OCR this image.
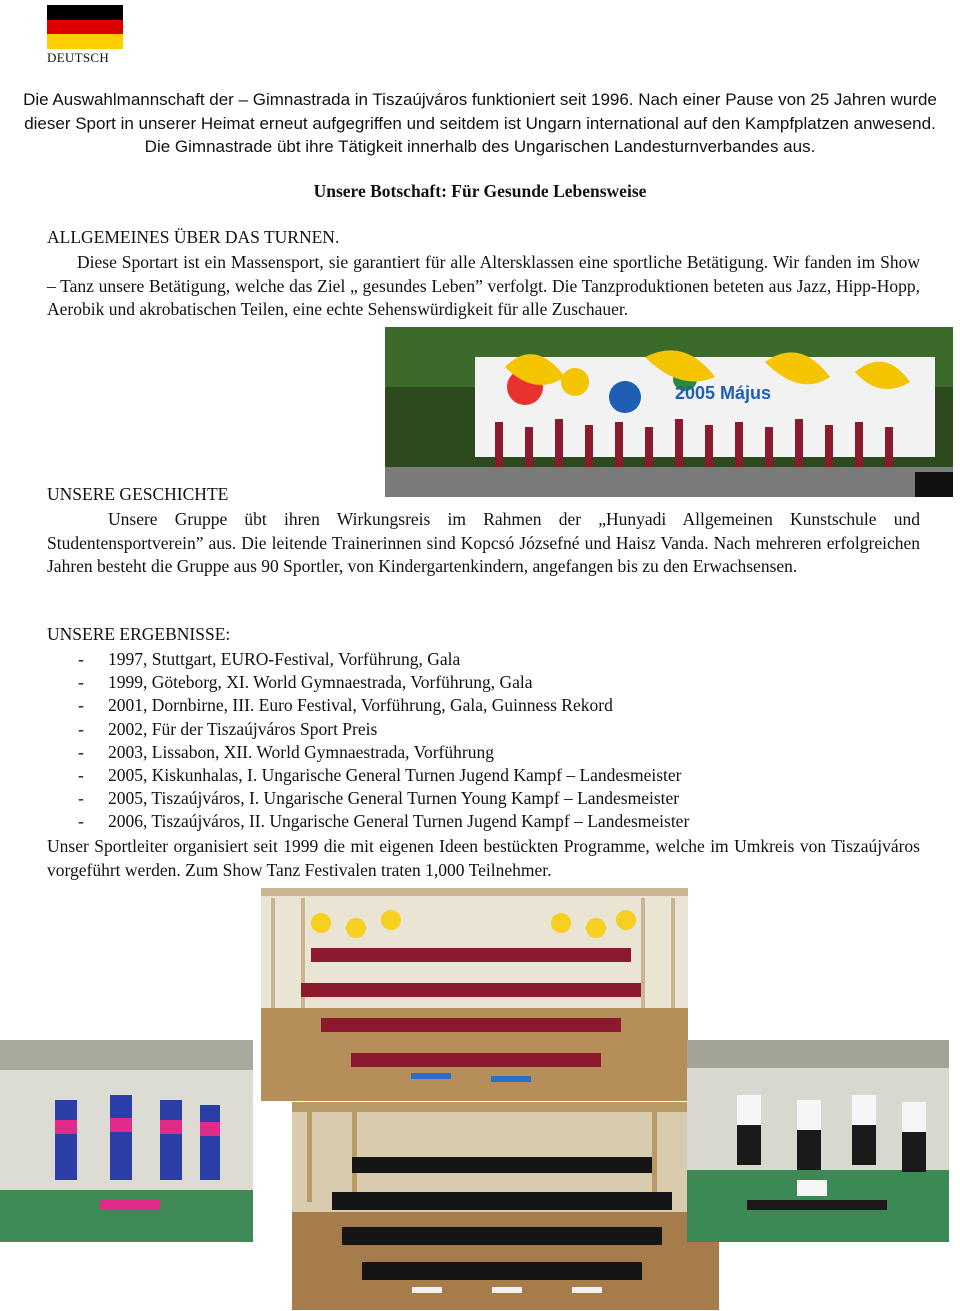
DEUTSCH
Die Auswahlmannschaft der – Gimnastrada in Tiszaújváros funktioniert seit 1996. Nach einer Pause von 25 Jahren wurde dieser Sport in unserer Heimat erneut aufgegriffen und seitdem ist Ungarn international auf den Kampfplatzen anwesend. Die Gimnastrade übt ihre Tätigkeit innerhalb des Ungarischen Landesturnverbandes aus.
Unsere Botschaft: Für Gesunde Lebensweise
ALLGEMEINES ÜBER DAS TURNEN.
Diese Sportart ist ein Massensport, sie garantiert für alle Altersklassen eine sportliche Betätigung. Wir fanden im Show – Tanz unsere Betätigung, welche das Ziel „ gesundes Leben” verfolgt. Die Tanzproduktionen beteten aus Jazz, Hipp-Hopp, Aerobik und akrobatischen Teilen, eine echte Sehenswürdigkeit für alle Zuschauer.
2005 Május
UNSERE GESCHICHTE
Unsere Gruppe übt ihren Wirkungsreis im Rahmen der „Hunyadi Allgemeinen Kunstschule und Studentensportverein” aus. Die leitende Trainerinnen sind Kopcsó Józsefné und Haisz Vanda. Nach mehreren erfolgreichen Jahren besteht die Gruppe aus 90 Sportler, von Kindergartenkindern, angefangen bis zu den Erwachsensen.
UNSERE ERGEBNISSE:
-	1997, Stuttgart, EURO-Festival, Vorführung, Gala
-	1999, Göteborg, XI. World Gymnaestrada, Vorführung, Gala
-	2001, Dornbirne, III. Euro Festival, Vorführung, Gala, Guinness Rekord
-	2002, Für der Tiszaújváros Sport Preis
-	2003, Lissabon, XII. World Gymnaestrada, Vorführung
-	2005, Kiskunhalas, I. Ungarische General Turnen Jugend Kampf – Landesmeister
-	2005, Tiszaújváros, I. Ungarische General Turnen Young Kampf – Landesmeister
-	2006, Tiszaújváros, II. Ungarische General Turnen Jugend Kampf – Landesmeister
Unser Sportleiter organisiert seit 1999 die mit eigenen Ideen bestückten Programme, welche im Umkreis von Tiszaújváros vorgeführt werden. Zum Show Tanz Festivalen traten 1,000 Teilnehmer.
